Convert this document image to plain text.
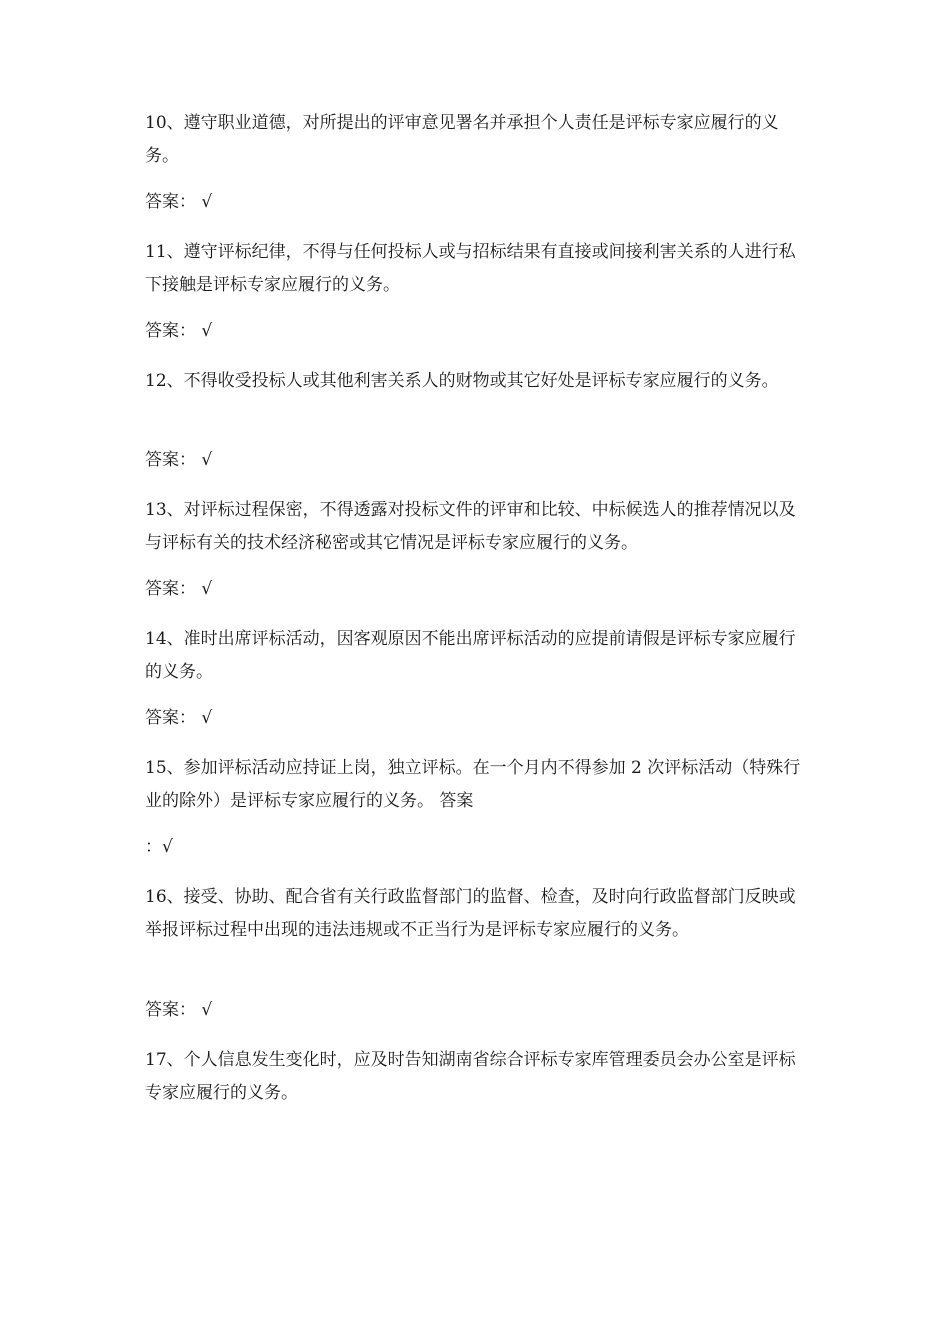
10、遵守职业道德，对所提出的评审意见署名并承担个人责任是评标专家应履行的义务。

答案： √

11、遵守评标纪律，不得与任何投标人或与招标结果有直接或间接利害关系的人进行私下接触是评标专家应履行的义务。

答案： √

12、不得收受投标人或其他利害关系人的财物或其它好处是评标专家应履行的义务。

答案： √

13、对评标过程保密，不得透露对投标文件的评审和比较、中标候选人的推荐情况以及与评标有关的技术经济秘密或其它情况是评标专家应履行的义务。

答案： √

14、准时出席评标活动，因客观原因不能出席评标活动的应提前请假是评标专家应履行的义务。

答案： √

15、参加评标活动应持证上岗，独立评标。在一个月内不得参加 2 次评标活动（特殊行业的除外）是评标专家应履行的义务。 答案

：√

16、接受、协助、配合省有关行政监督部门的监督、检查，及时向行政监督部门反映或举报评标过程中出现的违法违规或不正当行为是评标专家应履行的义务。

答案： √

17、个人信息发生变化时，应及时告知湖南省综合评标专家库管理委员会办公室是评标专家应履行的义务。
